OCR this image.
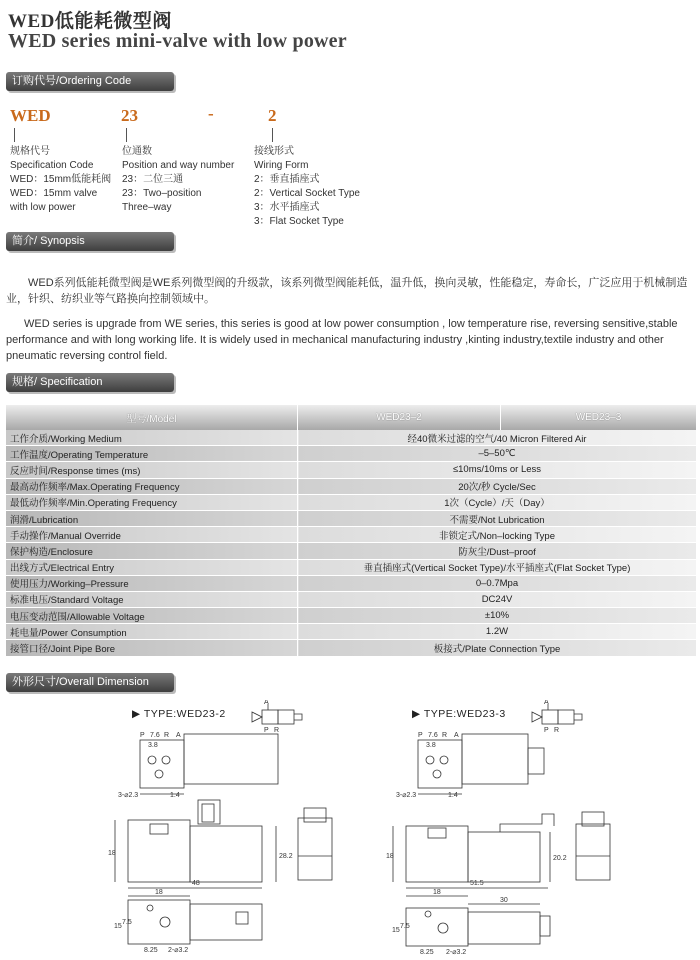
WED低能耗微型阀
WED series mini-valve with low power
订购代号/Ordering Code
WED	23	-	2
规格代号
Specification Code
WED：15mm低能耗阀
WED：15mm valve
with low power
位通数
Position and way number
23：二位三通
23：Two–position
Three–way
接线形式
Wiring Form
2：垂直插座式
2：Vertical Socket Type
3：水平插座式
3：Flat Socket Type
简介/ Synopsis
WED系列低能耗微型阀是WE系列微型阀的升级款，该系列微型阀能耗低，温升低，换向灵敏，性能稳定，寿命长，广泛应用于机械制造业，针织、纺织业等气路换向控制领域中。
WED series is upgrade from WE series, this series is good at low power consumption , low temperature rise, reversing sensitive,stable performance and with long working life. It is widely used in mechanical manufacturing industry ,kinting industry,textile industry and other pneumatic reversing control field.
规格/ Specification
型号/Model	WED23–2	WED23–3
工作介质/Working Medium	经40微米过滤的空气/40 Micron Filtered Air	
工作温度/Operating Temperature	–5–50℃	
反应时间/Response times (ms)	≤10ms/10ms or Less	
最高动作频率/Max.Operating Frequency	20次/秒 Cycle/Sec	
最低动作频率/Min.Operating Frequency	1次（Cycle）/天（Day）	
润滑/Lubrication	不需要/Not Lubrication	
手动操作/Manual Override	非锁定式/Non–locking Type	
保护构造/Enclosure	防灰尘/Dust–proof	
出线方式/Electrical Entry	垂直插座式(Vertical Socket Type)/水平插座式(Flat Socket Type)	
使用压力/Working–Pressure	0–0.7Mpa	
标准电压/Standard Voltage	DC24V	
电压变动范围/Allowable Voltage	±10%	
耗电量/Power Consumption	1.2W	
接管口径/Joint Pipe Bore	板接式/Plate Connection Type	
外形尺寸/Overall Dimension
▶ TYPE:WED23-2	▶ TYPE:WED23-3
A
P R
P 7.6 R A
3.8
3-⌀2.3	1.4
18	28.2
48
18
15
7.5
8.25 2-⌀3.2
A
P R
P 7.6 R A
3.8
3-⌀2.3	1.4
18	20.2
51.5
18
30
15
7.5
8.25 2-⌀3.2
